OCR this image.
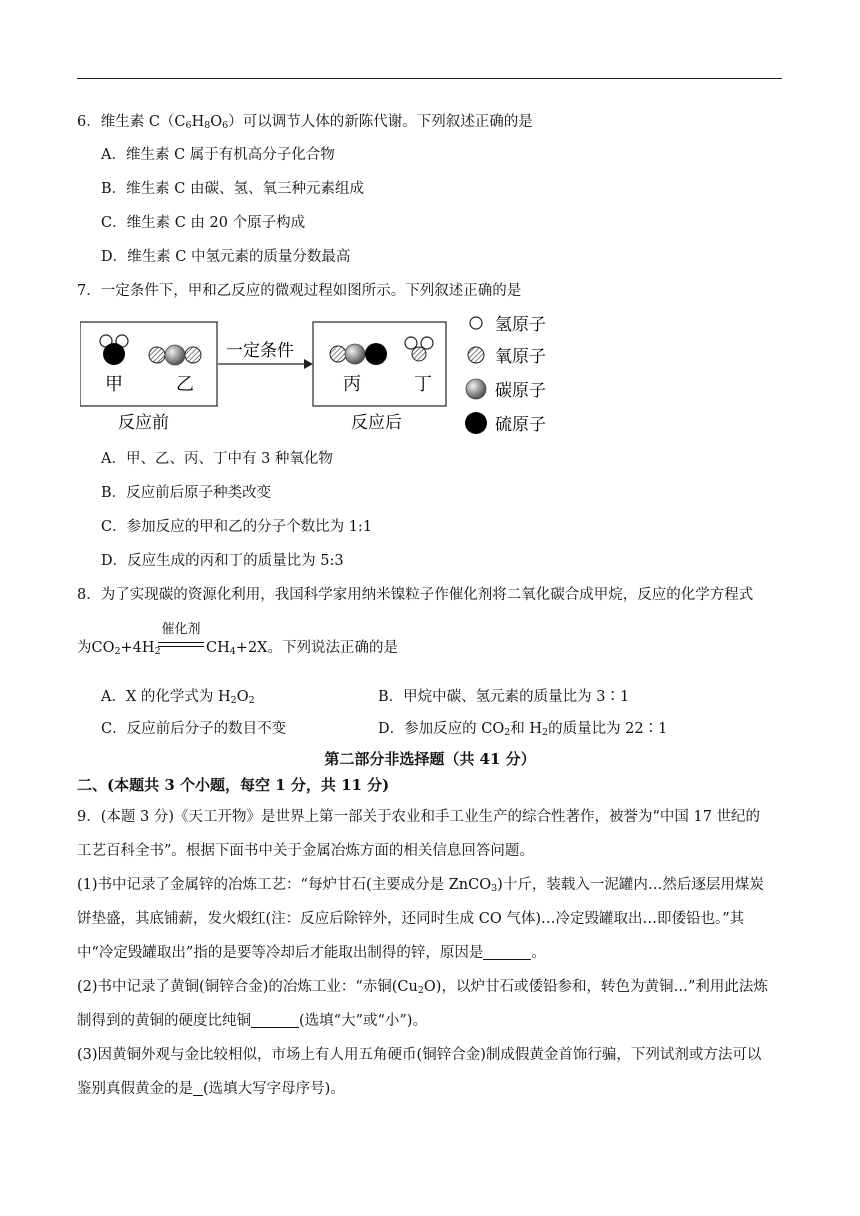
6．维生素 $C(C_6H_8O_6)$可以调节人体的新陈代谢。下列叙述正确的是
A．维生素 C 属于有机高分子化合物
B．维生素 C 由碳、氢、氧三种元素组成
C．维生素 C 由 20 个原子构成
D．维生素 C 中氢元素的质量分数最高
7．一定条件下，甲和乙反应的微观过程如图所示。下列叙述正确的是
甲	乙
反应前
一定条件
丙	丁
反应后
氢原子
氧原子
碳原子
硫原子
A．甲、乙、丙、丁中有 3 种氧化物
B．反应前后原子种类改变
C．参加反应的甲和乙的分子个数比为 1:1
D．反应生成的丙和丁的质量比为 5:3
8．为了实现碳的资源化利用，我国科学家用纳米镍粒子作催化剂将二氧化碳合成甲烷，反应的化学方程式
为$CO_2+4H_2$
催化剂
$CH_4+2X$。下列说法正确的是
A．X 的化学式为 $H_2O_2$	B．甲烷中碳、氢元素的质量比为 3∶1
C．反应前后分子的数目不变	D．参加反应的 $CO_2$和 $H_2$的质量比为 22∶1
第二部分非选择题（共 41 分）
二、(本题共 3 个小题，每空 1 分，共 11 分)
9．(本题 3 分)《天工开物》是世界上第一部关于农业和手工业生产的综合性著作，被誉为“中国 17 世纪的
工艺百科全书”。根据下面书中关于金属冶炼方面的相关信息回答问题。
(1)书中记录了金属锌的冶炼工艺：“每炉甘石(主要成分是 ZnCO$_3$)十斤，装载入一泥罐内…然后逐层用煤炭
饼垫盛，其底铺薪，发火煅红(注：反应后除锌外，还同时生成 CO 气体)…冷定毁罐取出…即倭铅也。”其
中“冷定毁罐取出”指的是要等冷却后才能取出制得的锌，原因是	。
(2)书中记录了黄铜(铜锌合金)的冶炼工业：“赤铜$(Cu_2O)$，以炉甘石或倭铅参和，转色为黄铜…”利用此法炼
制得到的黄铜的硬度比纯铜	(选填“大”或“小”)。
(3)因黄铜外观与金比较相似，市场上有人用五角硬币(铜锌合金)制成假黄金首饰行骗，下列试剂或方法可以
鉴别真假黄金的是 (选填大写字母序号)。
